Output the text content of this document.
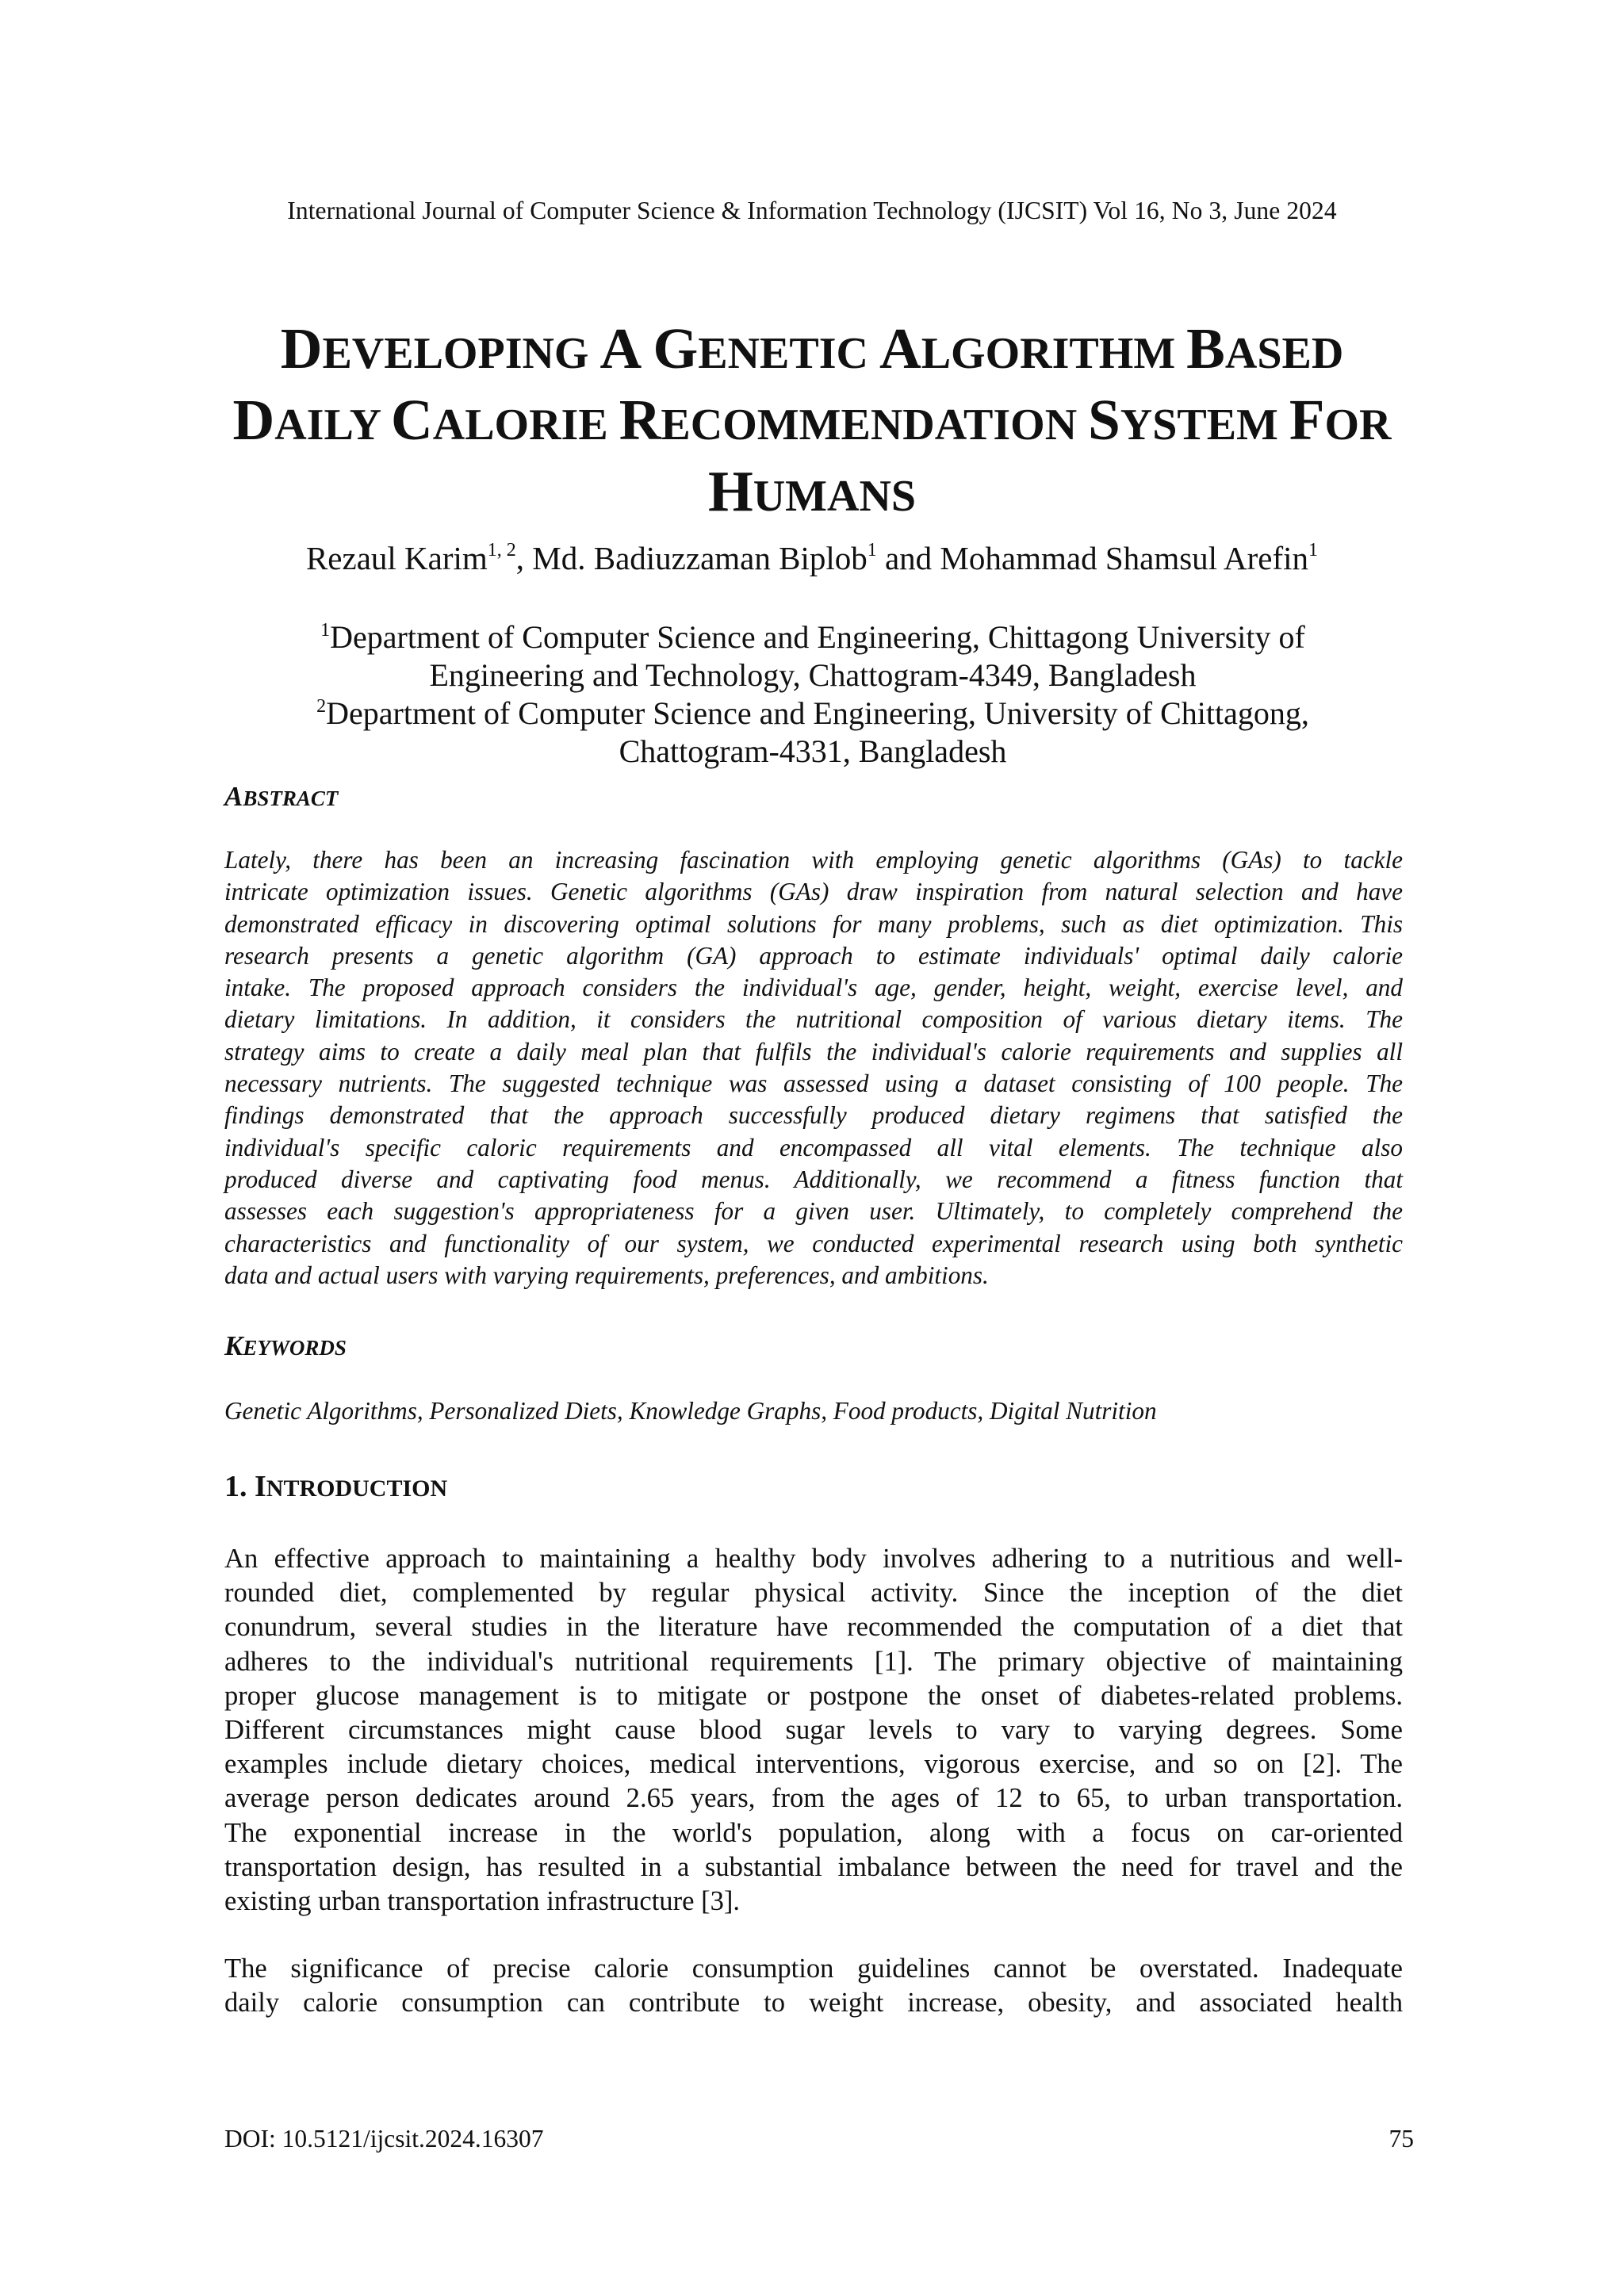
International Journal of Computer Science & Information Technology (IJCSIT) Vol 16, No 3, June 2024
DEVELOPING A GENETIC ALGORITHM BASED
DAILY CALORIE RECOMMENDATION SYSTEM FOR
HUMANS
Rezaul Karim$^{1, 2}$, Md. Badiuzzaman Biplob$^1$ and Mohammad Shamsul Arefin$^1$
$^1$Department of Computer Science and Engineering, Chittagong University of
Engineering and Technology, Chattogram-4349, Bangladesh
$^2$Department of Computer Science and Engineering, University of Chittagong,
Chattogram-4331, Bangladesh
ABSTRACT
Lately, there has been an increasing fascination with employing genetic algorithms (GAs) to tackle
intricate optimization issues. Genetic algorithms (GAs) draw inspiration from natural selection and have
demonstrated efficacy in discovering optimal solutions for many problems, such as diet optimization. This
research presents a genetic algorithm (GA) approach to estimate individuals' optimal daily calorie
intake. The proposed approach considers the individual's age, gender, height, weight, exercise level, and
dietary limitations. In addition, it considers the nutritional composition of various dietary items. The
strategy aims to create a daily meal plan that fulfils the individual's calorie requirements and supplies all
necessary nutrients. The suggested technique was assessed using a dataset consisting of 100 people. The
findings demonstrated that the approach successfully produced dietary regimens that satisfied the
individual's specific caloric requirements and encompassed all vital elements. The technique also
produced diverse and captivating food menus. Additionally, we recommend a fitness function that
assesses each suggestion's appropriateness for a given user. Ultimately, to completely comprehend the
characteristics and functionality of our system, we conducted experimental research using both synthetic
data and actual users with varying requirements, preferences, and ambitions.
KEYWORDS
Genetic Algorithms, Personalized Diets, Knowledge Graphs, Food products, Digital Nutrition
1. INTRODUCTION
An effective approach to maintaining a healthy body involves adhering to a nutritious and well-
rounded diet, complemented by regular physical activity. Since the inception of the diet
conundrum, several studies in the literature have recommended the computation of a diet that
adheres to the individual's nutritional requirements [1]. The primary objective of maintaining
proper glucose management is to mitigate or postpone the onset of diabetes-related problems.
Different circumstances might cause blood sugar levels to vary to varying degrees. Some
examples include dietary choices, medical interventions, vigorous exercise, and so on [2]. The
average person dedicates around 2.65 years, from the ages of 12 to 65, to urban transportation.
The exponential increase in the world's population, along with a focus on car-oriented
transportation design, has resulted in a substantial imbalance between the need for travel and the
existing urban transportation infrastructure [3].
The significance of precise calorie consumption guidelines cannot be overstated. Inadequate
daily calorie consumption can contribute to weight increase, obesity, and associated health
DOI: 10.5121/ijcsit.2024.16307	75
